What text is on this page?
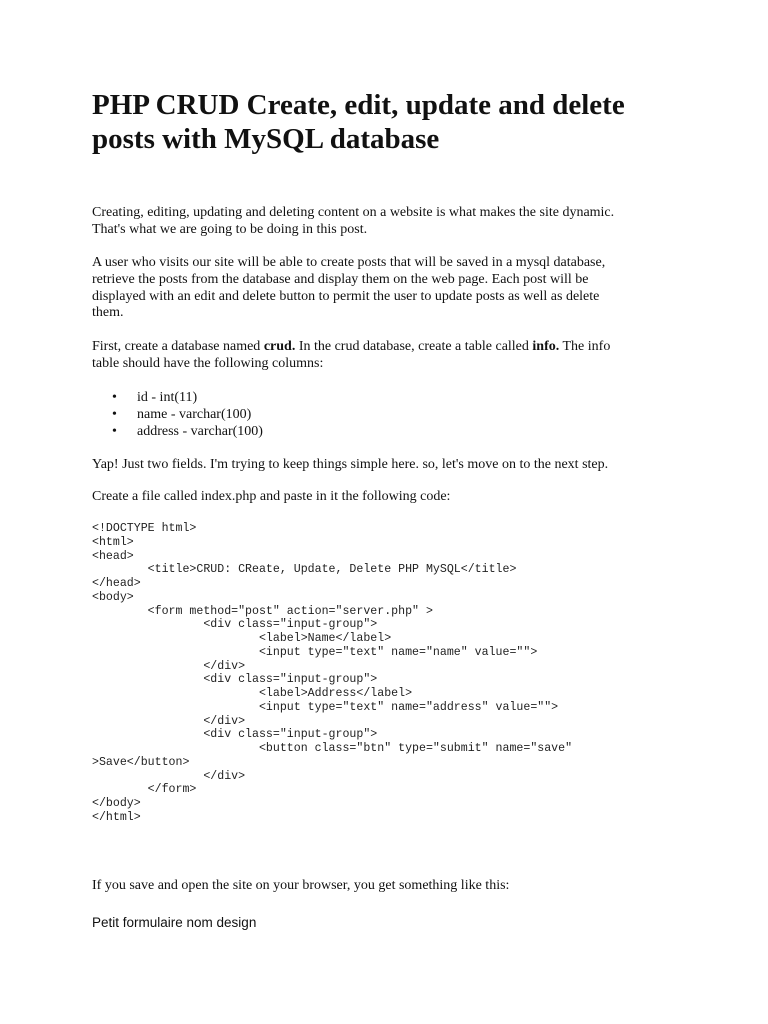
PHP CRUD Create, edit, update and delete
posts with MySQL database
Creating, editing, updating and deleting content on a website is what makes the site dynamic.
That's what we are going to be doing in this post.
A user who visits our site will be able to create posts that will be saved in a mysql database,
retrieve the posts from the database and display them on the web page. Each post will be
displayed with an edit and delete button to permit the user to update posts as well as delete
them.
First, create a database named crud. In the crud database, create a table called info. The info
table should have the following columns:
• id - int(11)
• name - varchar(100)
• address - varchar(100)
Yap! Just two fields. I'm trying to keep things simple here. so, let's move on to the next step.
Create a file called index.php and paste in it the following code:
<!DOCTYPE html>
<html>
<head>
<title>CRUD: CReate, Update, Delete PHP MySQL</title>
</head>
<body>
<form method="post" action="server.php" >
<div class="input-group">
<label>Name</label>
<input type="text" name="name" value="">
</div>
<div class="input-group">
<label>Address</label>
<input type="text" name="address" value="">
</div>
<div class="input-group">
<button class="btn" type="submit" name="save"
>Save</button>
</div>
</form>
</body>
</html>
If you save and open the site on your browser, you get something like this:
Petit formulaire nom design
